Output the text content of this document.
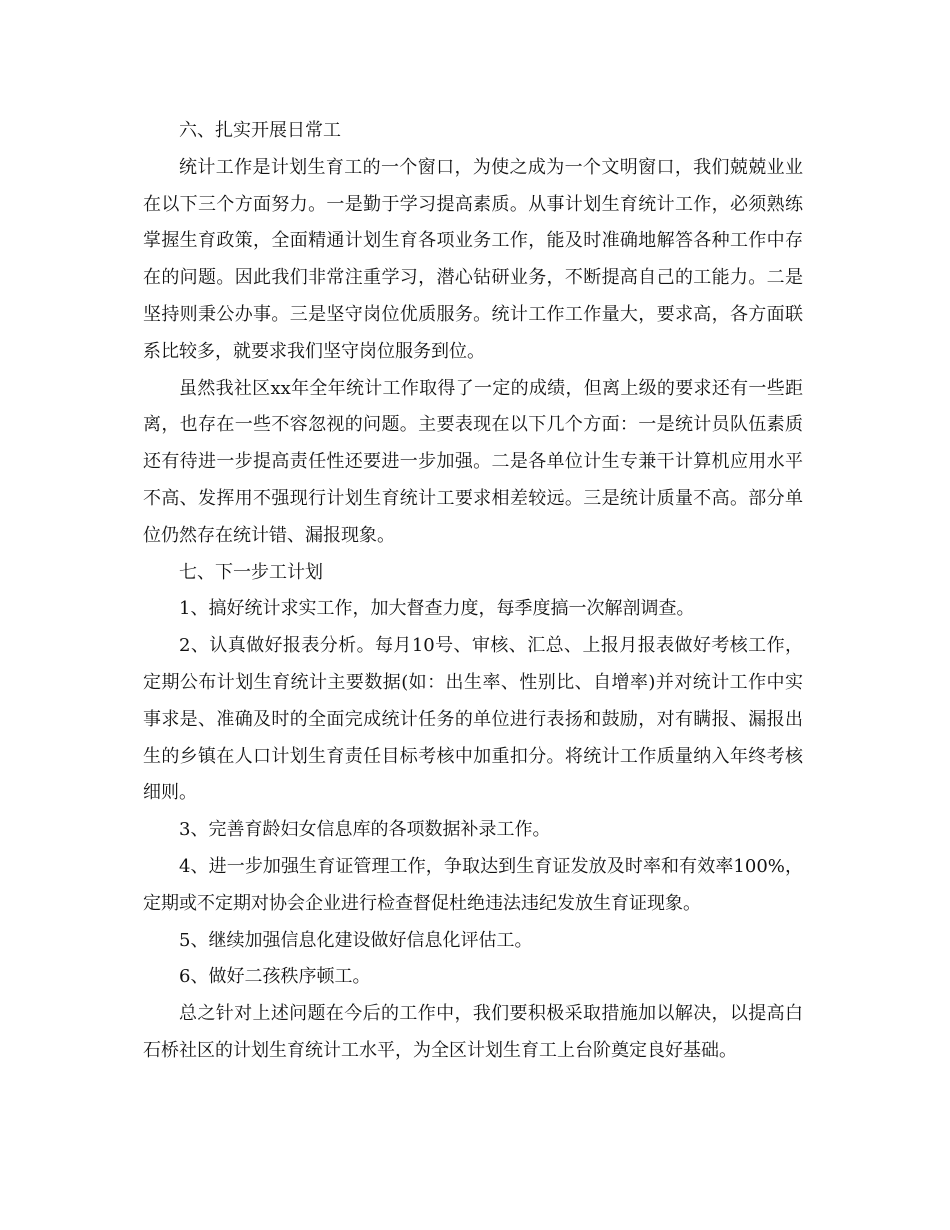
六、扎实开展日常工

统计工作是计划生育工的一个窗口，为使之成为一个文明窗口，我们兢兢业业在以下三个方面努力。一是勤于学习提高素质。从事计划生育统计工作，必须熟练掌握生育政策，全面精通计划生育各项业务工作，能及时准确地解答各种工作中存在的问题。因此我们非常注重学习，潜心钻研业务，不断提高自己的工能力。二是坚持则秉公办事。三是坚守岗位优质服务。统计工作工作量大，要求高，各方面联系比较多，就要求我们坚守岗位服务到位。

虽然我社区xx年全年统计工作取得了一定的成绩，但离上级的要求还有一些距离，也存在一些不容忽视的问题。主要表现在以下几个方面：一是统计员队伍素质还有待进一步提高责任性还要进一步加强。二是各单位计生专兼干计算机应用水平不高、发挥用不强现行计划生育统计工要求相差较远。三是统计质量不高。部分单位仍然存在统计错、漏报现象。

七、下一步工计划

1、搞好统计求实工作，加大督查力度，每季度搞一次解剖调查。

2、认真做好报表分析。每月10号、审核、汇总、上报月报表做好考核工作，定期公布计划生育统计主要数据(如：出生率、性别比、自增率)并对统计工作中实事求是、准确及时的全面完成统计任务的单位进行表扬和鼓励，对有瞒报、漏报出生的乡镇在人口计划生育责任目标考核中加重扣分。将统计工作质量纳入年终考核细则。

3、完善育龄妇女信息库的各项数据补录工作。

4、进一步加强生育证管理工作，争取达到生育证发放及时率和有效率100%，定期或不定期对协会企业进行检查督促杜绝违法违纪发放生育证现象。

5、继续加强信息化建设做好信息化评估工。

6、做好二孩秩序顿工。

总之针对上述问题在今后的工作中，我们要积极采取措施加以解决，以提高白石桥社区的计划生育统计工水平，为全区计划生育工上台阶奠定良好基础。
